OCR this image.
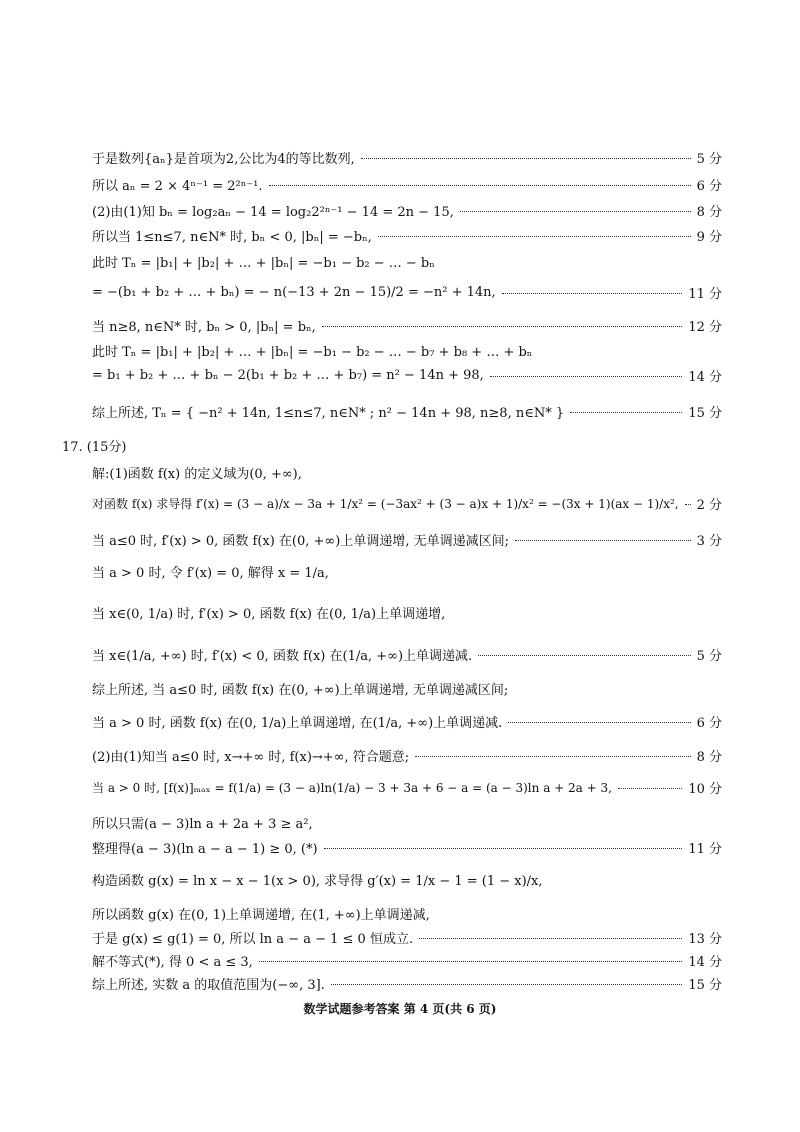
于是数列{aₙ}是首项为2,公比为4的等比数列,	5 分
所以 aₙ = 2 × 4ⁿ⁻¹ = 2²ⁿ⁻¹.	6 分
(2)由(1)知 bₙ = log₂aₙ − 14 = log₂2²ⁿ⁻¹ − 14 = 2n − 15,	8 分
所以当 1≤n≤7, n∈N* 时, bₙ < 0, |bₙ| = −bₙ,	9 分
此时 Tₙ = |b₁| + |b₂| + … + |bₙ| = −b₁ − b₂ − … − bₙ
= −(b₁ + b₂ + … + bₙ) = − n(−13 + 2n − 15)/2 = −n² + 14n,	11 分
当 n≥8, n∈N* 时, bₙ > 0, |bₙ| = bₙ,	12 分
此时 Tₙ = |b₁| + |b₂| + … + |bₙ| = −b₁ − b₂ − … − b₇ + b₈ + … + bₙ
= b₁ + b₂ + … + bₙ − 2(b₁ + b₂ + … + b₇) = n² − 14n + 98,	14 分
综上所述, Tₙ = { −n² + 14n, 1≤n≤7, n∈N* ; n² − 14n + 98, n≥8, n∈N* }	15 分
17. (15分)
解:(1)函数 f(x) 的定义域为(0, +∞),
对函数 f(x) 求导得 f′(x) = (3 − a)/x − 3a + 1/x² = (−3ax² + (3 − a)x + 1)/x² = −(3x + 1)(ax − 1)/x², 2 分
当 a≤0 时, f′(x) > 0, 函数 f(x) 在(0, +∞)上单调递增, 无单调递减区间;	3 分
当 a > 0 时, 令 f′(x) = 0, 解得 x = 1/a,
当 x∈(0, 1/a) 时, f′(x) > 0, 函数 f(x) 在(0, 1/a)上单调递增,
当 x∈(1/a, +∞) 时, f′(x) < 0, 函数 f(x) 在(1/a, +∞)上单调递减.	5 分
综上所述, 当 a≤0 时, 函数 f(x) 在(0, +∞)上单调递增, 无单调递减区间;
当 a > 0 时, 函数 f(x) 在(0, 1/a)上单调递增, 在(1/a, +∞)上单调递减.	6 分
(2)由(1)知当 a≤0 时, x→+∞ 时, f(x)→+∞, 符合题意;	8 分
当 a > 0 时, [f(x)]ₘₐₓ = f(1/a) = (3 − a)ln(1/a) − 3 + 3a + 6 − a = (a − 3)ln a + 2a + 3,	10 分
所以只需(a − 3)ln a + 2a + 3 ≥ a²,
整理得(a − 3)(ln a − a − 1) ≥ 0, (*)	11 分
构造函数 g(x) = ln x − x − 1(x > 0), 求导得 g′(x) = 1/x − 1 = (1 − x)/x,
所以函数 g(x) 在(0, 1)上单调递增, 在(1, +∞)上单调递减,
于是 g(x) ≤ g(1) = 0, 所以 ln a − a − 1 ≤ 0 恒成立.	13 分
解不等式(*), 得 0 < a ≤ 3,	14 分
综上所述, 实数 a 的取值范围为(−∞, 3].	15 分
数学试题参考答案 第 4 页(共 6 页)
